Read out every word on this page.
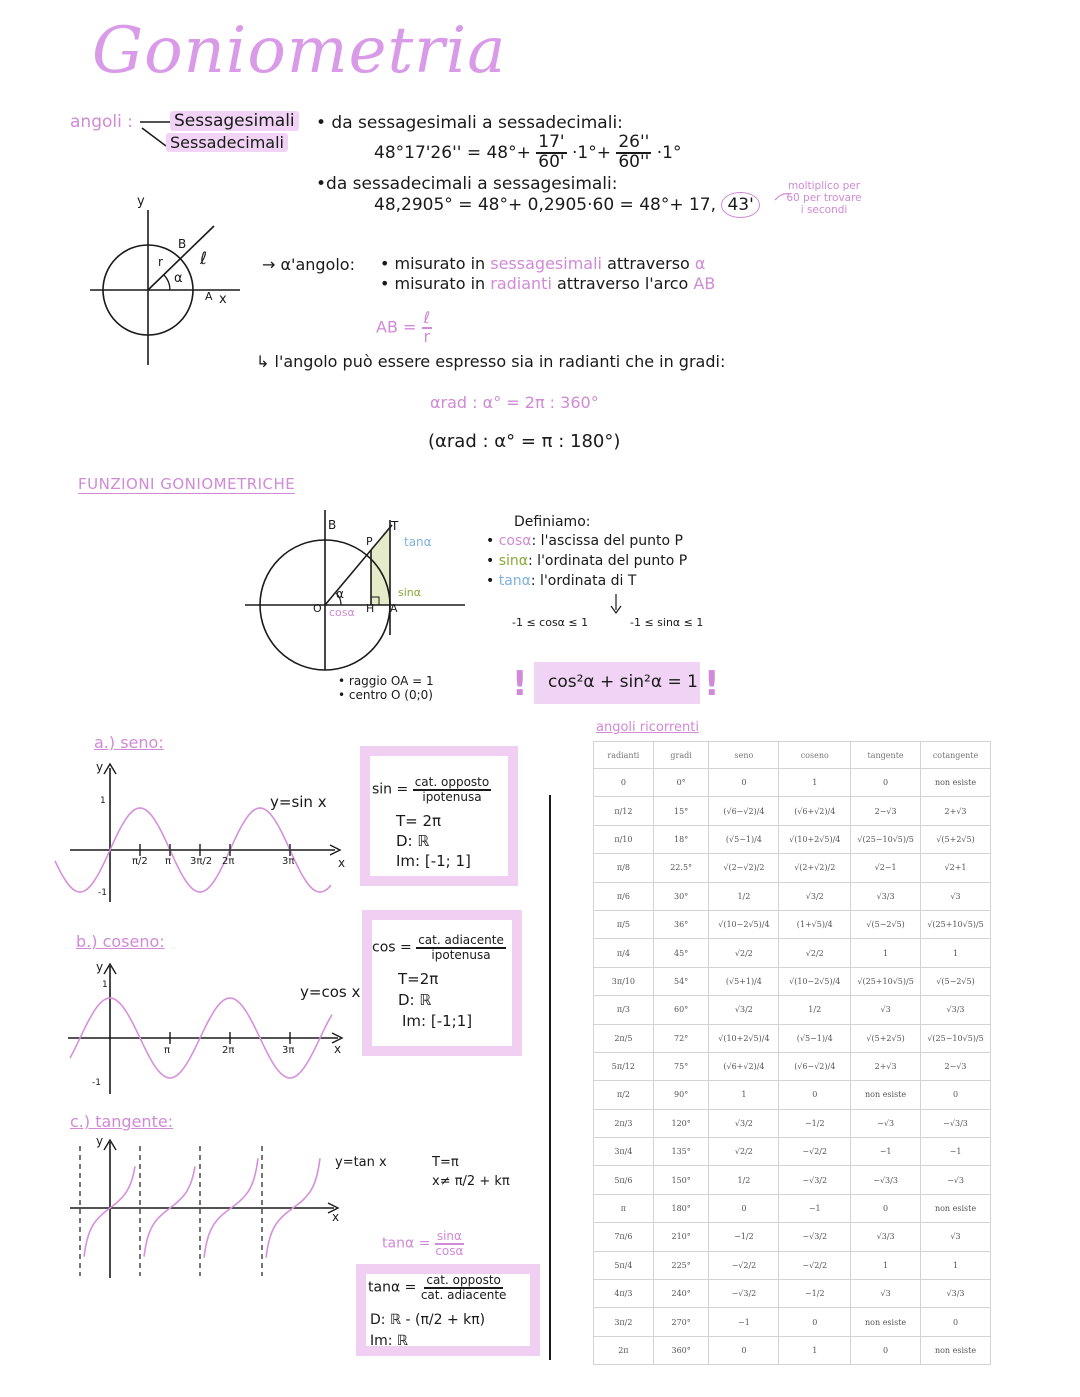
Goniometria
angoli : Sessagesimali
Sessadecimali
• da sessagesimali a sessadecimali:
$48^\circ 17'26'' = 48^\circ+ \frac{17'}{60'} \cdot 1^\circ+ \frac{26''}{60''} \cdot 1^\circ$
•da sessadecimali a sessagesimali:
48,2905° = 48°+ 0,2905·60 = 48°+ 17, 43'
moltiplico per 60 per trovare i secondi
y
x
r
B
A
ℓ
α
→ α'angolo: • misurato in sessagesimali attraverso α
• misurato in radianti attraverso l'arco AB
AB = $\frac{\text{ℓ}}{r}$
↳ l'angolo può essere espresso sia in radianti che in gradi:
αrad : α° = 2π : 360°
(αrad : α° = π : 180°)
FUNZIONI GONIOMETRICHE
B
P
T
O	H A
α
tanα
sinα
cosα
• raggio OA = 1
• centro O (0;0)
Definiamo:
• cosα: l'ascissa del punto P
• sinα: l'ordinata del punto P
• tanα: l'ordinata di T
-1 ≤ cosα ≤ 1	-1 ≤ sinα ≤ 1
! cos²α + sin²α = 1 !
a.) seno:
y
x
1
-1
π/2 π 3π/2 2π	3π
y=sin x
$\sin = \frac{\text{cat. opposto}}{\text{ipotenusa}}$
T= 2π
D: ℝ
Im: [-1; 1]
b.) coseno:
y
x
1
-1
π	2π	3π
y=cos x
$\cos = \frac{\text{cat. adiacente}}{\text{ipotenusa}}$
T=2π
D: ℝ
Im: [-1;1]
c.) tangente:
y
x
y=tan x	T=π
x≠ π/2 + kπ
$\tan\alpha = \frac{\sin\alpha}{\cos\alpha}$
$\tan\alpha = \frac{\text{cat. opposto}}{\text{cat. adiacente}}$
D: ℝ - (π/2 + kπ)
Im: ℝ
angoli ricorrenti
radianti	gradi	seno	coseno	tangente	cotangente
0	0°	0	1	0	non esiste
π/12	15°	(√6−√2)/4	(√6+√2)/4	2−√3	2+√3
π/10	18°	(√5−1)/4	√(10+2√5)/4	√(25−10√5)/5	√(5+2√5)
π/8	22.5°	√(2−√2)/2	√(2+√2)/2	√2−1	√2+1
π/6	30°	1/2	√3/2	√3/3	√3
π/5	36°	√(10−2√5)/4	(1+√5)/4	√(5−2√5)	√(25+10√5)/5
π/4	45°	√2/2	√2/2	1	1
3π/10	54°	(√5+1)/4	√(10−2√5)/4	√(25+10√5)/5	√(5−2√5)
π/3	60°	√3/2	1/2	√3	√3/3
2π/5	72°	√(10+2√5)/4	(√5−1)/4	√(5+2√5)	√(25−10√5)/5
5π/12	75°	(√6+√2)/4	(√6−√2)/4	2+√3	2−√3
π/2	90°	1	0	non esiste	0
2π/3	120°	√3/2	−1/2	−√3	−√3/3
3π/4	135°	√2/2	−√2/2	−1	−1
5π/6	150°	1/2	−√3/2	−√3/3	−√3
π	180°	0	−1	0	non esiste
7π/6	210°	−1/2	−√3/2	√3/3	√3
5π/4	225°	−√2/2	−√2/2	1	1
4π/3	240°	−√3/2	−1/2	√3	√3/3
3π/2	270°	−1	0	non esiste	0
2π	360°	0	1	0	non esiste
